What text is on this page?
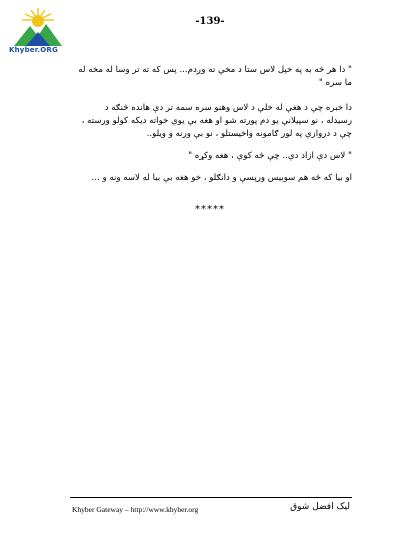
Khyber.ORG
-139-

" دا هر څه به په خپل لاس ستا د مخې ته وږدم... پس که ته تر وسا له مخه له ما سره "

دا خبره چې د هغې له خلې د لاس وهنو سره سمه تر دې هانده څنګه د رسیدله ، نو سپیلانې یو دم پورته شو او هغه بې یوې خواته دیکه کولو ورسته ، چې د دروازې په لور ګامونه واخیستلو ، نو بې ورنه و ویلو..

" لاس دې ازاد دې.. چې څه کوې ، هغه وکړه "

او بیا که څه هم سوبیس ورپسې و دانګلو ، خو هغه بې بیا له لاسه ونه و ...

*****
Khyber Gateway – http://www.khyber.org	لیک افضل شوق
